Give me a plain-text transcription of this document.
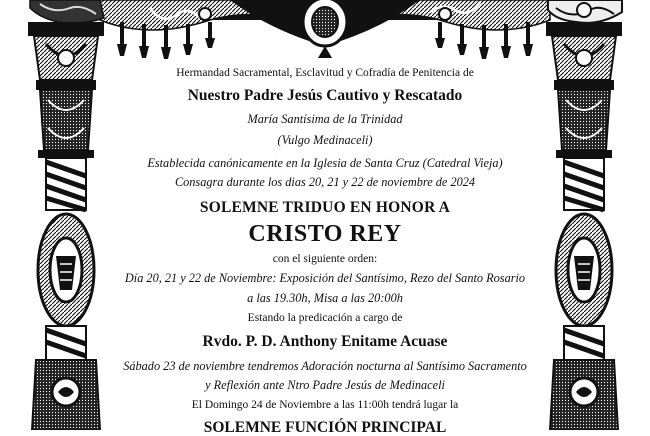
Hermandad Sacramental, Esclavitud y Cofradía de Penitencia de
Nuestro Padre Jesús Cautivo y Rescatado
María Santísima de la Trinidad
(Vulgo Medinaceli)
Establecida canónicamente en la Iglesia de Santa Cruz (Catedral Vieja)
Consagra durante los dias 20, 21 y 22 de noviembre de 2024
SOLEMNE TRIDUO EN HONOR A
CRISTO REY
con el siguiente orden:
Día 20, 21 y 22 de Noviembre: Exposición del Santísimo, Rezo del Santo Rosario
a las 19.30h, Misa a las 20:00h
Estando la predicación a cargo de
Rvdo. P. D. Anthony Enitame Acuase
Sábado 23 de noviembre tendremos Adoración nocturna al Santísimo Sacramento
y Reflexión ante Ntro Padre Jesús de Medinaceli
El Domingo 24 de Noviembre a las 11:00h tendrá lugar la
SOLEMNE FUNCIÓN PRINCIPAL
